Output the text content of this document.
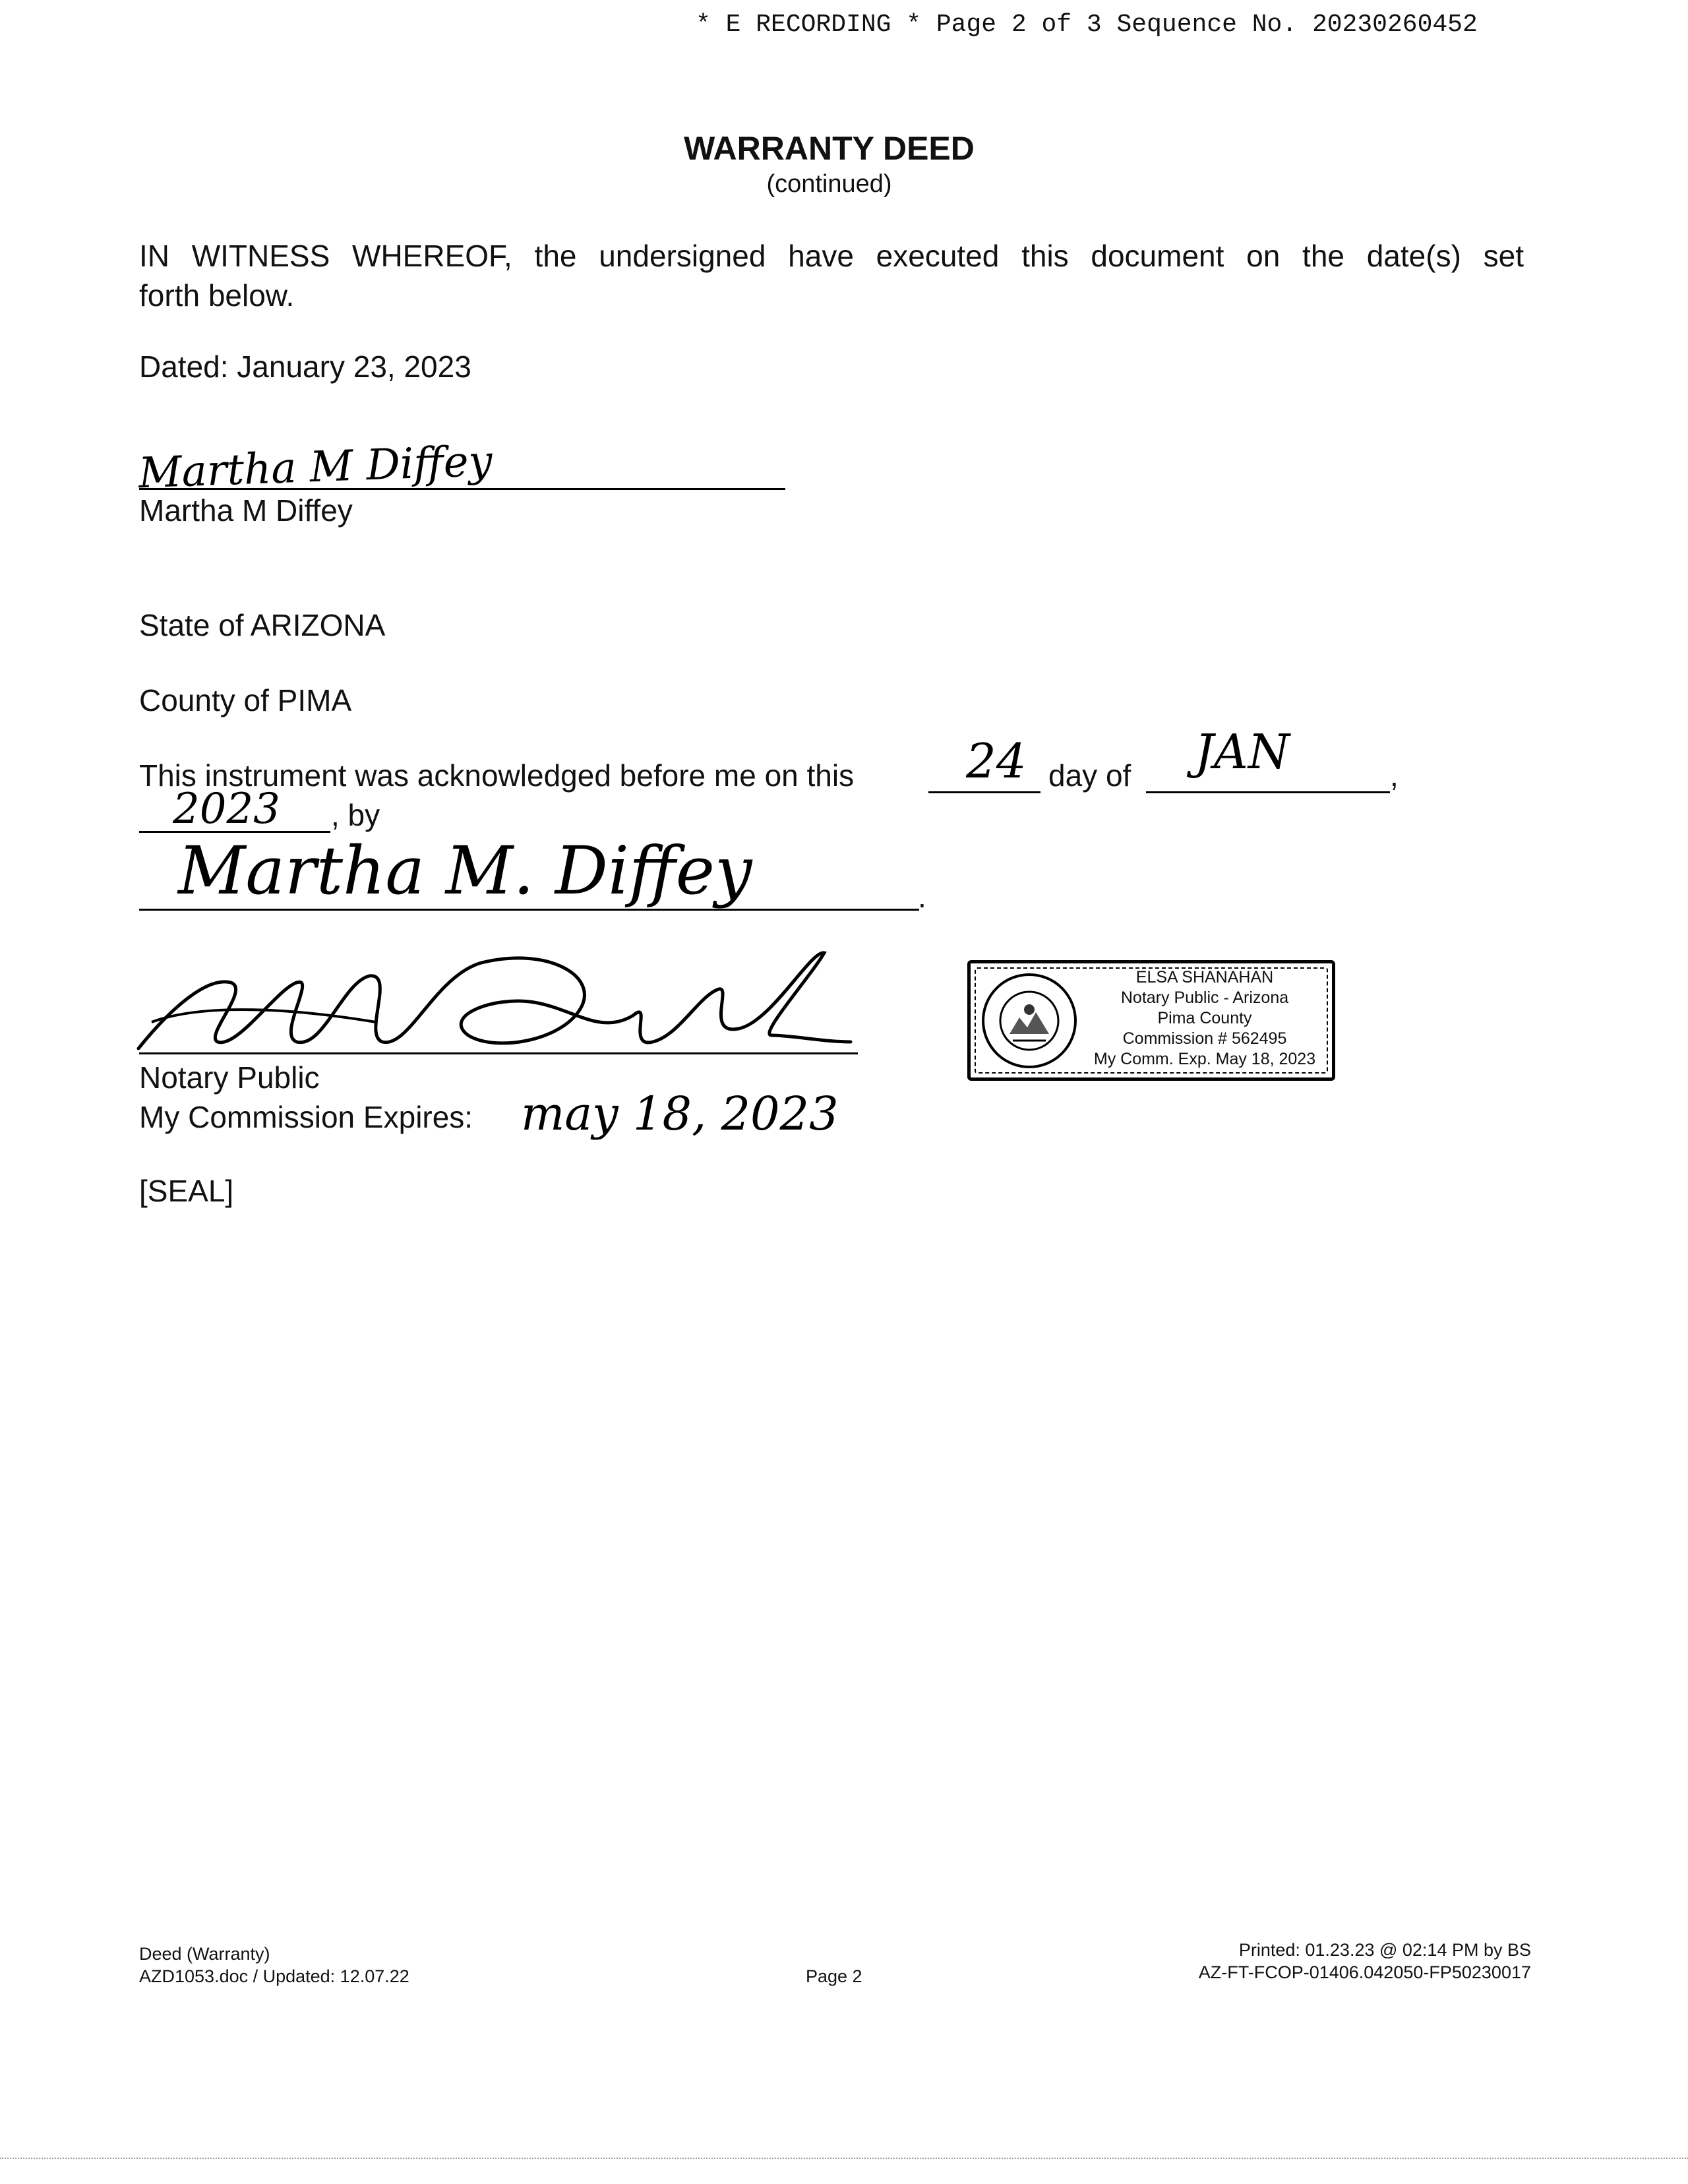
* E RECORDING * Page 2 of 3 Sequence No. 20230260452
WARRANTY DEED
(continued)
IN WITNESS WHEREOF, the undersigned have executed this document on the date(s) set
forth below.
Dated: January 23, 2023
Martha M Diffey
Martha M Diffey
State of ARIZONA
County of PIMA
This instrument was acknowledged before me on this 24 day of JAN	,
2023 , by
Martha M. Diffey	.
Notary Public
My Commission Expires: may 18, 2023
[SEAL]
ELSA SHANAHAN
Notary Public - Arizona
Pima County
Commission # 562495
My Comm. Exp. May 18, 2023
Deed (Warranty)
AZD1053.doc / Updated: 12.07.22	Page 2
Printed: 01.23.23 @ 02:14 PM by BS
AZ-FT-FCOP-01406.042050-FP50230017
